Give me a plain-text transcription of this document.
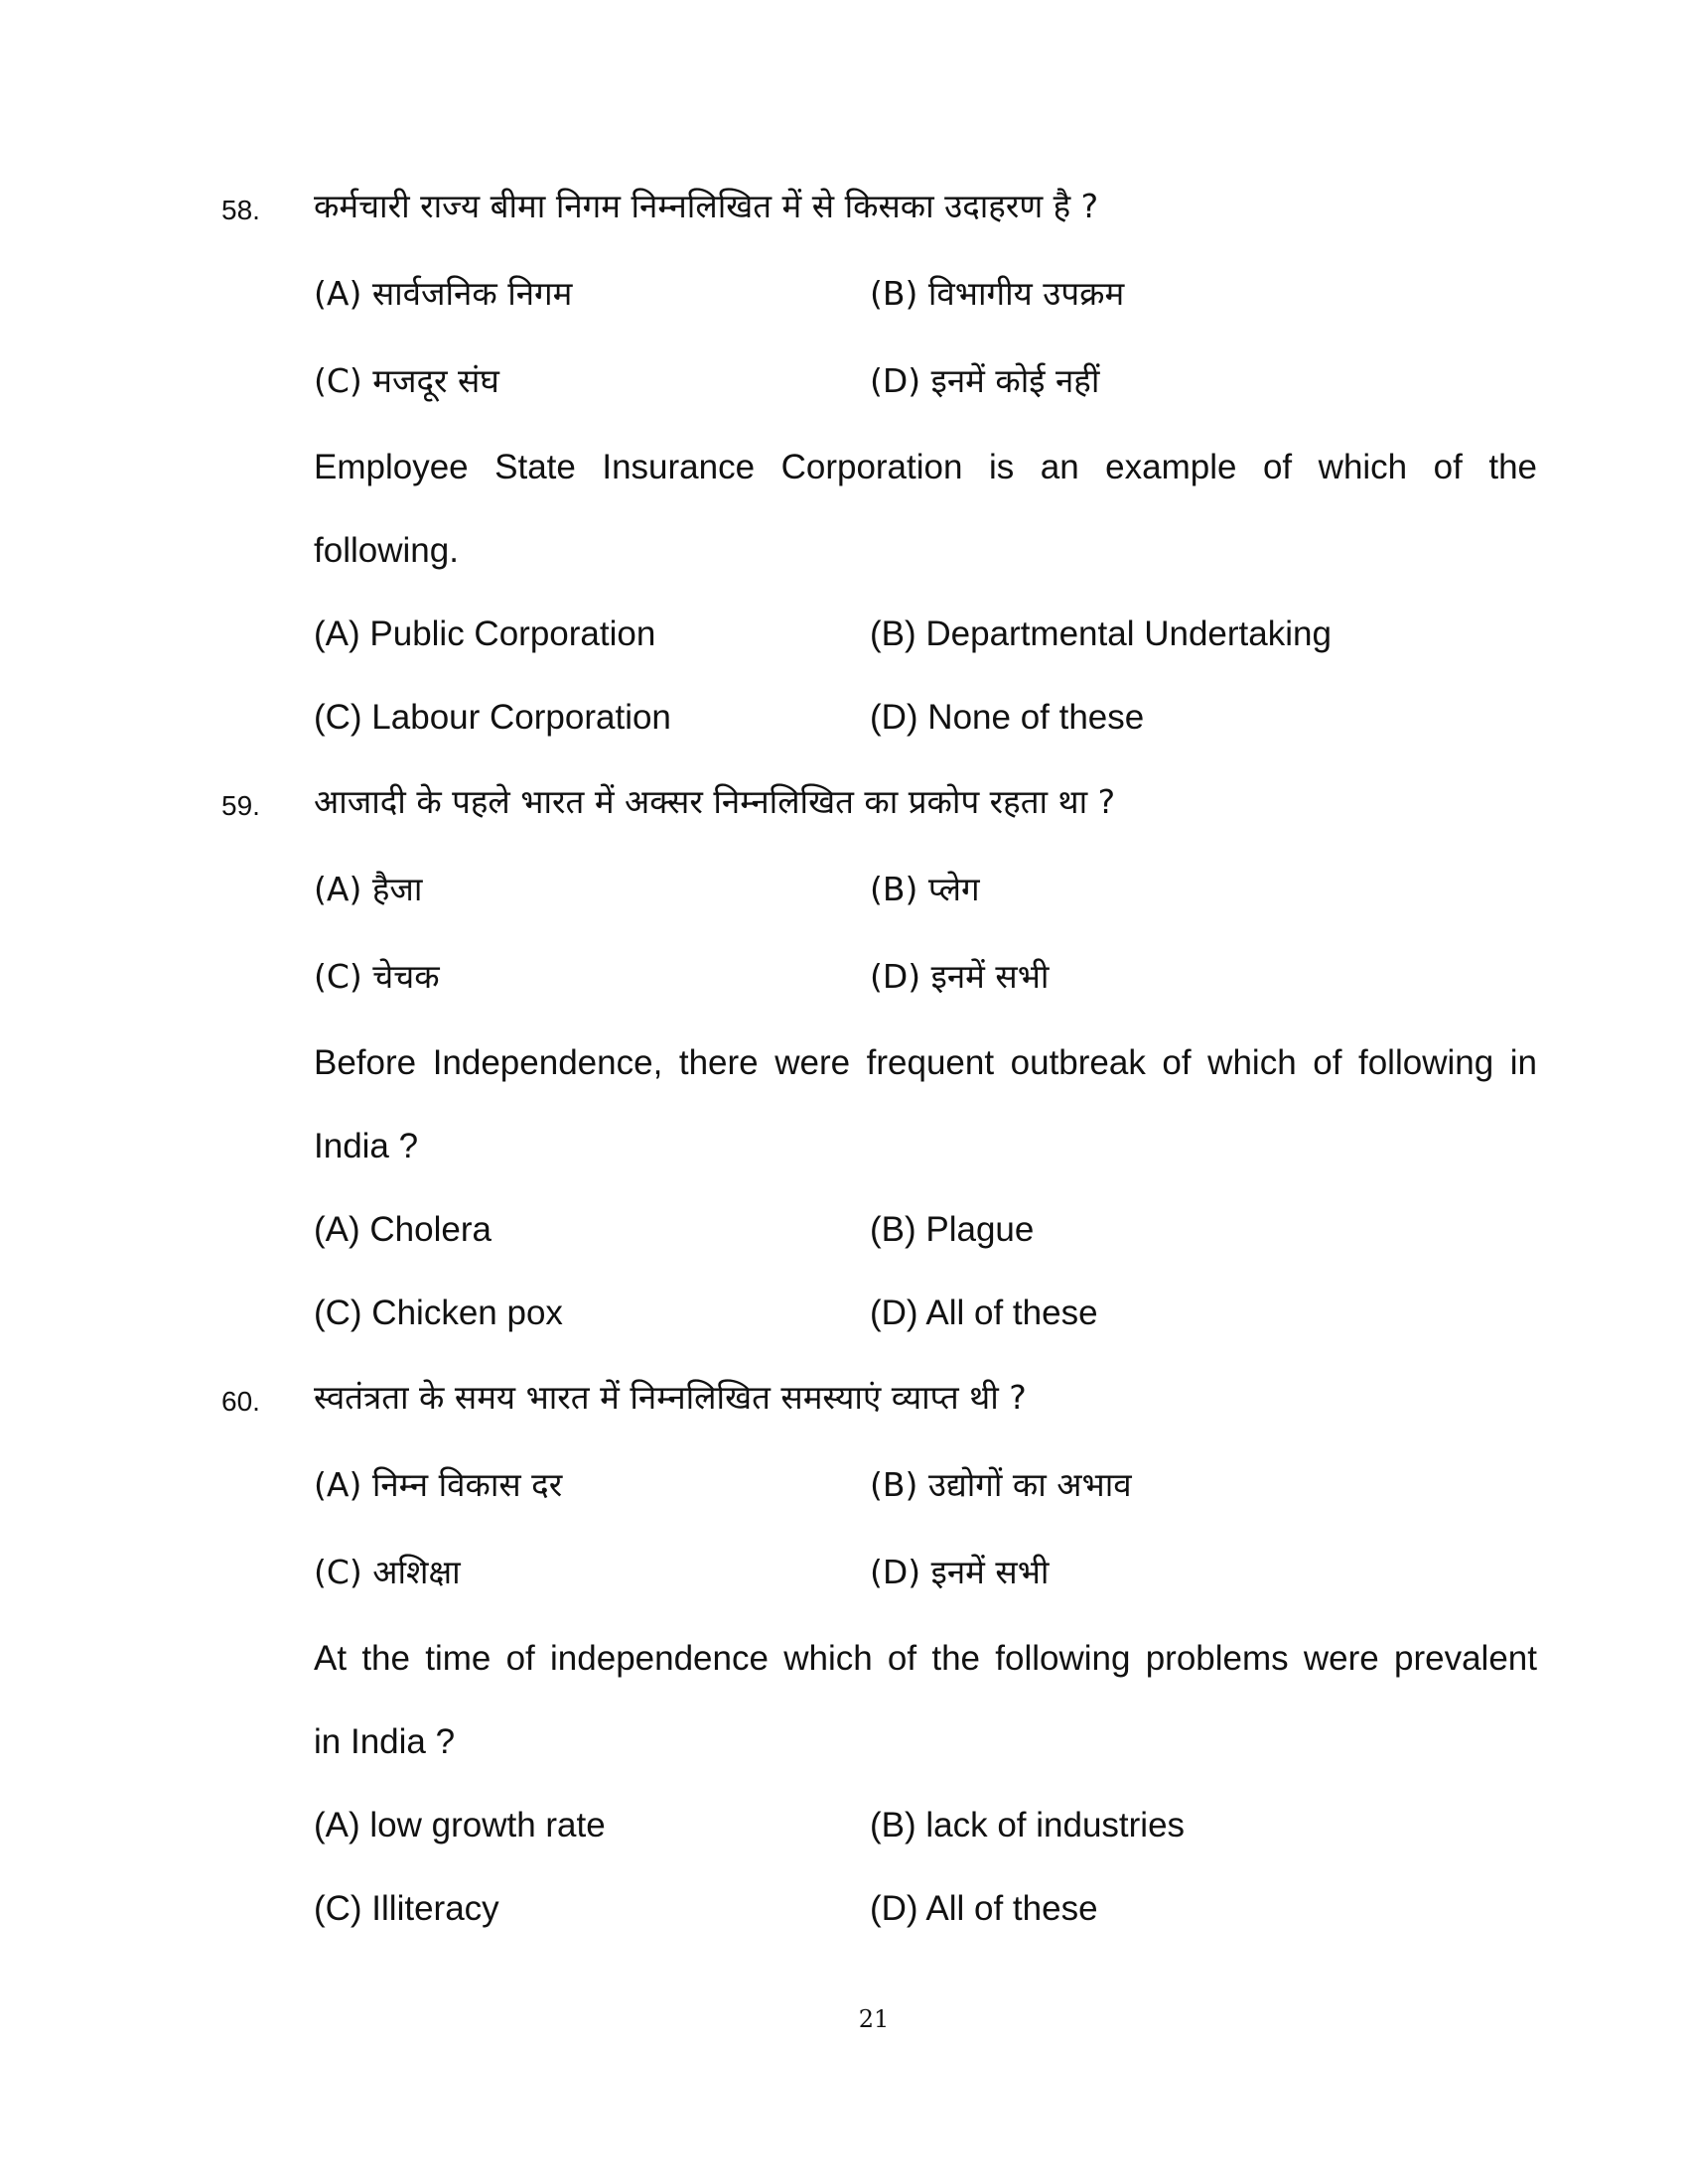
58. कर्मचारी राज्य बीमा निगम निम्नलिखित में से किसका उदाहरण है ?
(A) सार्वजनिक निगम	(B) विभागीय उपक्रम
(C) मजदूर संघ	(D) इनमें कोई नहीं
Employee State Insurance Corporation is an example of which of the
following.
(A) Public Corporation	(B) Departmental Undertaking
(C) Labour Corporation	(D) None of these
59. आजादी के पहले भारत में अक्सर निम्नलिखित का प्रकोप रहता था ?
(A) हैजा	(B) प्लेग
(C) चेचक	(D) इनमें सभी
Before Independence, there were frequent outbreak of which of following in
India ?
(A) Cholera	(B) Plague
(C) Chicken pox	(D) All of these
60. स्वतंत्रता के समय भारत में निम्नलिखित समस्याएं व्याप्त थी ?
(A) निम्न विकास दर	(B) उद्योगों का अभाव
(C) अशिक्षा	(D) इनमें सभी
At the time of independence which of the following problems were prevalent
in India ?
(A) low growth rate	(B) lack of industries
(C) Illiteracy	(D) All of these
21
